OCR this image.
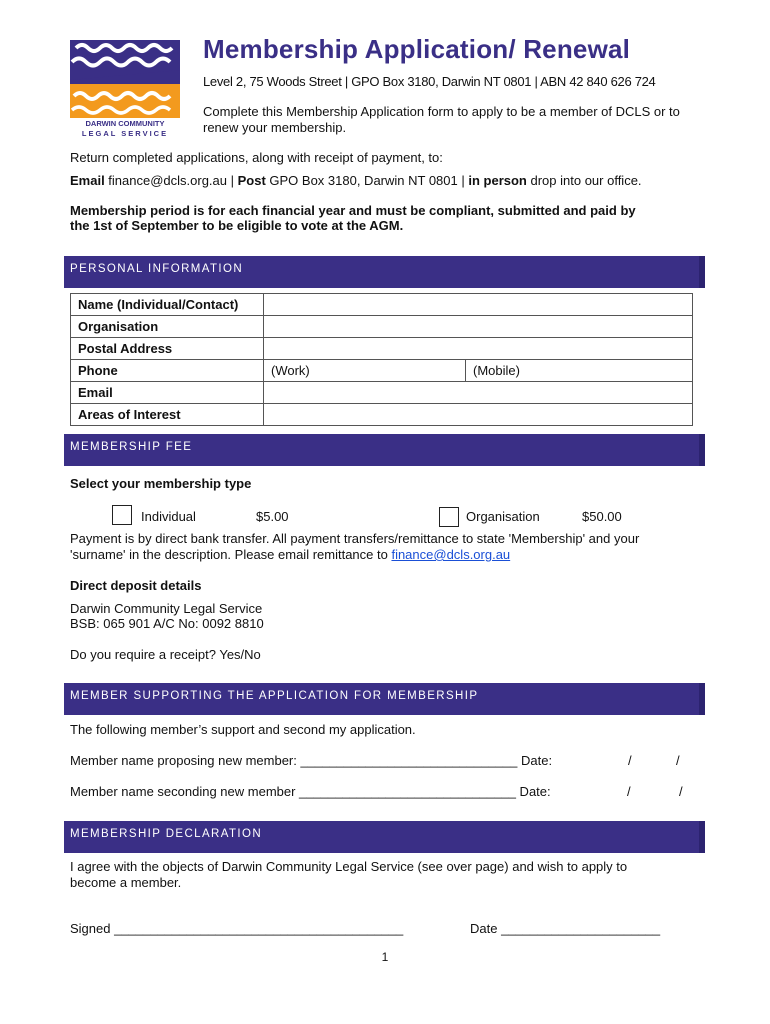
DARWIN COMMUNITY
LEGAL SERVICE
Membership Application/ Renewal
Level 2, 75 Woods Street | GPO Box 3180, Darwin NT 0801 | ABN 42 840 626 724
Complete this Membership Application form to apply to be a member of DCLS or to renew your membership.
Return completed applications, along with receipt of payment, to:
Email finance@dcls.org.au | Post GPO Box 3180, Darwin NT 0801 | in person drop into our office.
Membership period is for each financial year and must be compliant, submitted and paid by
the 1st of September to be eligible to vote at the AGM.
PERSONAL INFORMATION
Name (Individual/Contact)		
Organisation		
Postal Address		
Phone	(Work)	(Mobile)
Email		
Areas of Interest		
MEMBERSHIP FEE
Select your membership type
Individual	$5.00	Organisation	$50.00
Payment is by direct bank transfer. All payment transfers/remittance to state 'Membership' and your
'surname' in the description. Please email remittance to finance@dcls.org.au
Direct deposit details
Darwin Community Legal Service
BSB: 065 901 A/C No: 0092 8810
Do you require a receipt? Yes/No
MEMBER SUPPORTING THE APPLICATION FOR MEMBERSHIP
The following member’s support and second my application.
Member name proposing new member: ______________________________ Date:	/	/
Member name seconding new member ______________________________ Date:	/	/
MEMBERSHIP DECLARATION
I agree with the objects of Darwin Community Legal Service (see over page) and wish to apply to
become a member.
Signed ________________________________________	Date ______________________
1
